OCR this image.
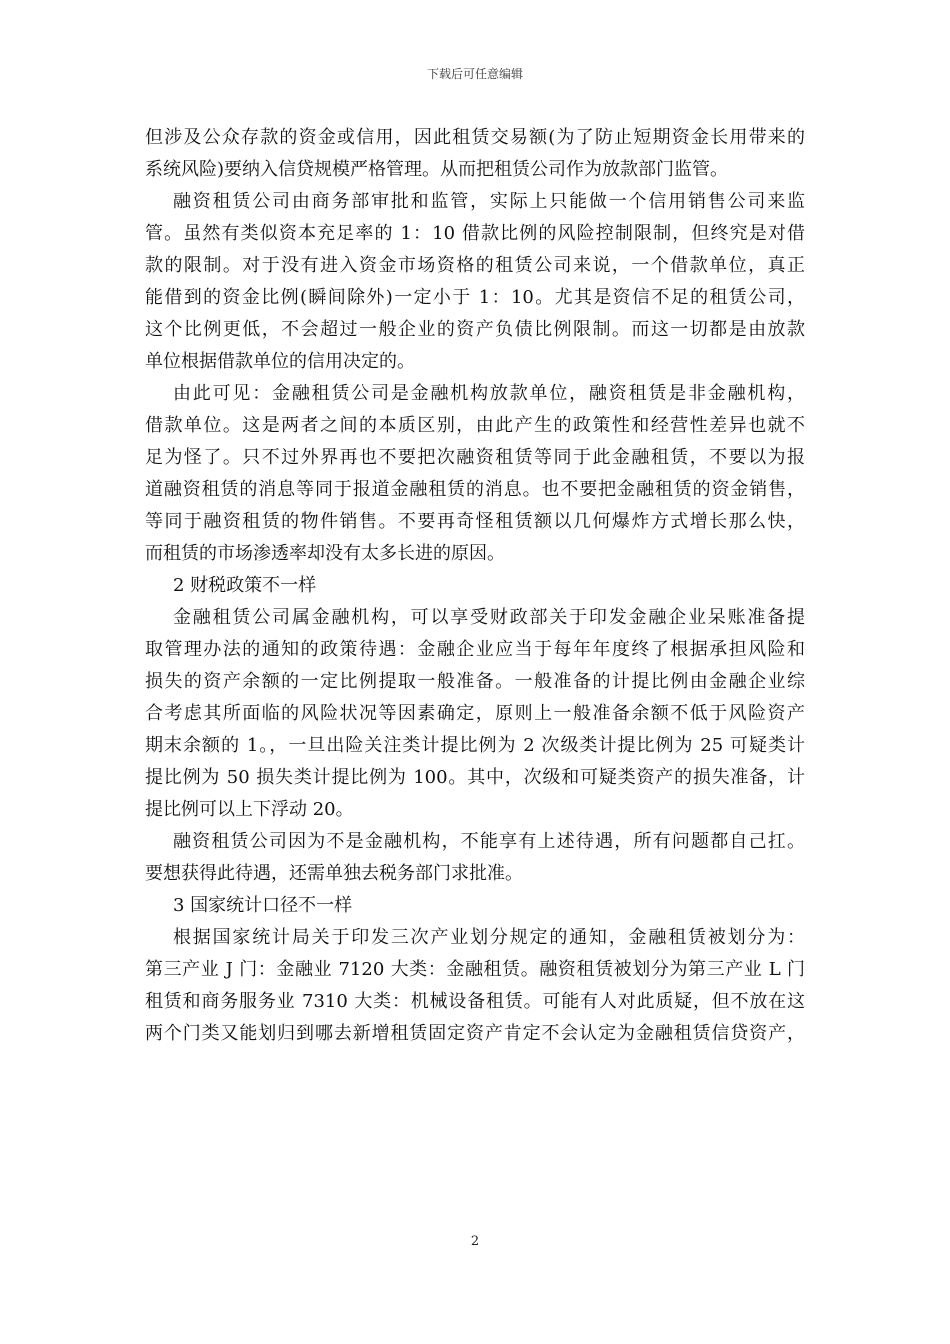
下载后可任意编辑
但涉及公众存款的资金或信用，因此租赁交易额(为了防止短期资金长用带来的
系统风险)要纳入信贷规模严格管理。从而把租赁公司作为放款部门监管。
融资租赁公司由商务部审批和监管，实际上只能做一个信用销售公司来监
管。虽然有类似资本充足率的 1：10 借款比例的风险控制限制，但终究是对借
款的限制。对于没有进入资金市场资格的租赁公司来说，一个借款单位，真正
能借到的资金比例(瞬间除外)一定小于 1：10。尤其是资信不足的租赁公司，
这个比例更低，不会超过一般企业的资产负债比例限制。而这一切都是由放款
单位根据借款单位的信用决定的。
由此可见：金融租赁公司是金融机构放款单位，融资租赁是非金融机构，
借款单位。这是两者之间的本质区别，由此产生的政策性和经营性差异也就不
足为怪了。只不过外界再也不要把次融资租赁等同于此金融租赁，不要以为报
道融资租赁的消息等同于报道金融租赁的消息。也不要把金融租赁的资金销售，
等同于融资租赁的物件销售。不要再奇怪租赁额以几何爆炸方式增长那么快，
而租赁的市场渗透率却没有太多长进的原因。
2 财税政策不一样
金融租赁公司属金融机构，可以享受财政部关于印发金融企业呆账准备提
取管理办法的通知的政策待遇：金融企业应当于每年年度终了根据承担风险和
损失的资产余额的一定比例提取一般准备。一般准备的计提比例由金融企业综
合考虑其所面临的风险状况等因素确定，原则上一般准备余额不低于风险资产
期末余额的 1。，一旦出险关注类计提比例为 2 次级类计提比例为 25 可疑类计
提比例为 50 损失类计提比例为 100。其中，次级和可疑类资产的损失准备，计
提比例可以上下浮动 20。
融资租赁公司因为不是金融机构，不能享有上述待遇，所有问题都自己扛。
要想获得此待遇，还需单独去税务部门求批准。
3 国家统计口径不一样
根据国家统计局关于印发三次产业划分规定的通知，金融租赁被划分为：
第三产业 J 门：金融业 7120 大类：金融租赁。融资租赁被划分为第三产业 L 门
租赁和商务服务业 7310 大类：机械设备租赁。可能有人对此质疑，但不放在这
两个门类又能划归到哪去新增租赁固定资产肯定不会认定为金融租赁信贷资产，
2
